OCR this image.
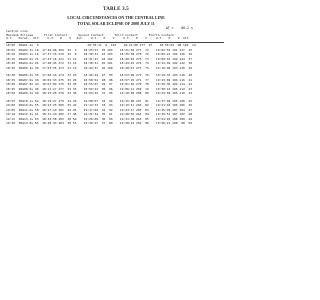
TABLE 3.5
LOCAL CIRCUMSTANCES ON THE CENTRAL LINE
TOTAL SOLAR ECLIPSE OF 2008 JULY 11
ΔT =    66.2 s
Central Line
Maximum Eclipse      First Contact      Second Contact      Third Contact      Fourth Contact
U.T.   Durat.  Alt.    U.T.   P    V   Alt.    U.T.   P    V     U.T.   P    V     U.T.   P    V  Alt.
18:00  00m01.4s  0      -    -    -    -     18:35:11  0  103    18:21:08 277  97    18:56:04  98 129  34
18:05  00m02.3s 10  17:29:06 269  35  3    18:25:53  25 103    18:31:56 277  73    19:02:55 101 127  35
18:10  00m03.1s 16  17:37:15 270  32  8    18:30:31  23 103    18:35:38 276  72    19:06:21 102 126  36
18:15  00m03.9s 21  17:43:16 271  31 12    18:31:47  24 102    18:40:02 275  73    19:09:31 102 124  37
18:20  00m04.6s 26  17:48:45 272  31 16    18:38:31  25 101    18:44:25 274  74    19:12:49 102 122  38
18:25  00m05.4s 30  17:53:35 273  31 19    18:42:37  26 100    18:48:53 273  75    19:16:09 103 120  39
18:30  00m06.2s 35  17:58:14 274  31 23    18:46:44  27  99    18:53:09 272  76    19:19:33 103 118  40
18:35  00m07.0s 39  18:02:43 275  32 26    18:50:54  28  98    18:57:25 271  77    19:23:02 104 116  41
18:40  00m07.8s 43  18:07:04 276  32 30    18:55:07  29  97    19:01:48 270  78    19:26:36 104 114  42
18:45  00m08.5s 46  18:11:17 277  33 33    18:59:24  30  96    19:06:11 269  79    19:30:15 105 112  43
18:50  00m09.3s 49  18:15:25 278  33 36    19:03:44  31  95    19:10:38 268  80    19:33:59 105 110  44
18:55  00m10.1s 52  18:19:27 279  34 39    19:08:07  32  94    19:15:08 267  81    19:37:49 106 108  45
19:00  00m10.8s 55  18:23:25 280  35 42    19:12:33  33  93    19:19:41 266  82    19:41:44 106 106  46
19:05  00m11.6s 58  18:27:19 281  36 45    19:17:02  34  92    19:24:17 265  83    19:45:45 107 104  47
19:10  00m12.3s 61  18:31:10 282  37 48    19:21:34  35  91    19:28:56 264  84    19:49:51 107 102  48
19:15  00m13.1s 63  18:34:58 283  38 50    19:26:09  36  90    19:33:38 263  85    19:54:03 108 100  49
19:20  00m13.8s 65  18:38:43 284  39 53    19:30:47  37  89    19:38:23 262  86    19:58:21 108  98  50
